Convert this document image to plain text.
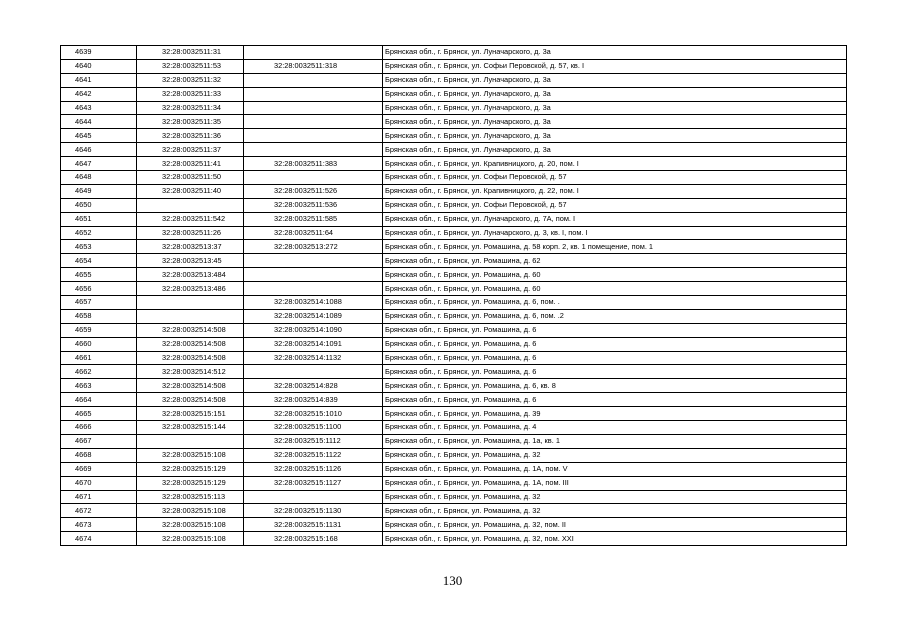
4639	32:28:0032511:31		Брянская обл., г. Брянск, ул. Луначарского, д. 3а
4640	32:28:0032511:53	32:28:0032511:318	Брянская обл., г. Брянск, ул. Софьи Перовской, д. 57, кв. I
4641	32:28:0032511:32		Брянская обл., г. Брянск, ул. Луначарского, д. 3а
4642	32:28:0032511:33		Брянская обл., г. Брянск, ул. Луначарского, д. 3а
4643	32:28:0032511:34		Брянская обл., г. Брянск, ул. Луначарского, д. 3а
4644	32:28:0032511:35		Брянская обл., г. Брянск, ул. Луначарского, д. 3а
4645	32:28:0032511:36		Брянская обл., г. Брянск, ул. Луначарского, д. 3а
4646	32:28:0032511:37		Брянская обл., г. Брянск, ул. Луначарского, д. 3а
4647	32:28:0032511:41	32:28:0032511:383	Брянская обл., г. Брянск, ул. Крапивницкого, д. 20, пом. I
4648	32:28:0032511:50		Брянская обл., г. Брянск, ул. Софьи Перовской, д. 57
4649	32:28:0032511:40	32:28:0032511:526	Брянская обл., г. Брянск, ул. Крапивницкого, д. 22, пом. I
4650		32:28:0032511:536	Брянская обл., г. Брянск, ул. Софьи Перовской, д. 57
4651	32:28:0032511:542	32:28:0032511:585	Брянская обл., г. Брянск, ул. Луначарского, д. 7А, пом. I
4652	32:28:0032511:26	32:28:0032511:64	Брянская обл., г. Брянск, ул. Луначарского, д. 3, кв. I, пом. I
4653	32:28:0032513:37	32:28:0032513:272	Брянская обл., г. Брянск, ул. Ромашина, д. 58 корп. 2, кв. 1 помещение, пом. 1
4654	32:28:0032513:45		Брянская обл., г. Брянск, ул. Ромашина, д. 62
4655	32:28:0032513:484		Брянская обл., г. Брянск, ул. Ромашина, д. 60
4656	32:28:0032513:486		Брянская обл., г. Брянск, ул. Ромашина, д. 60
4657		32:28:0032514:1088	Брянская обл., г. Брянск, ул. Ромашина, д. 6, пом. .
4658		32:28:0032514:1089	Брянская обл., г. Брянск, ул. Ромашина, д. 6, пом. .2
4659	32:28:0032514:508	32:28:0032514:1090	Брянская обл., г. Брянск, ул. Ромашина, д. 6
4660	32:28:0032514:508	32:28:0032514:1091	Брянская обл., г. Брянск, ул. Ромашина, д. 6
4661	32:28:0032514:508	32:28:0032514:1132	Брянская обл., г. Брянск, ул. Ромашина, д. 6
4662	32:28:0032514:512		Брянская обл., г. Брянск, ул. Ромашина, д. 6
4663	32:28:0032514:508	32:28:0032514:828	Брянская обл., г. Брянск, ул. Ромашина, д. 6, кв. 8
4664	32:28:0032514:508	32:28:0032514:839	Брянская обл., г. Брянск, ул. Ромашина, д. 6
4665	32:28:0032515:151	32:28:0032515:1010	Брянская обл., г. Брянск, ул. Ромашина, д. 39
4666	32:28:0032515:144	32:28:0032515:1100	Брянская обл., г. Брянск, ул. Ромашина, д. 4
4667		32:28:0032515:1112	Брянская обл., г. Брянск, ул. Ромашина, д. 1а, кв. 1
4668	32:28:0032515:108	32:28:0032515:1122	Брянская обл., г. Брянск, ул. Ромашина, д. 32
4669	32:28:0032515:129	32:28:0032515:1126	Брянская обл., г. Брянск, ул. Ромашина, д. 1А, пом. V
4670	32:28:0032515:129	32:28:0032515:1127	Брянская обл., г. Брянск, ул. Ромашина, д. 1А, пом. III
4671	32:28:0032515:113		Брянская обл., г. Брянск, ул. Ромашина, д. 32
4672	32:28:0032515:108	32:28:0032515:1130	Брянская обл., г. Брянск, ул. Ромашина, д. 32
4673	32:28:0032515:108	32:28:0032515:1131	Брянская обл., г. Брянск, ул. Ромашина, д. 32, пом. II
4674	32:28:0032515:108	32:28:0032515:168	Брянская обл., г. Брянск, ул. Ромашина, д. 32, пом. XXI
130
